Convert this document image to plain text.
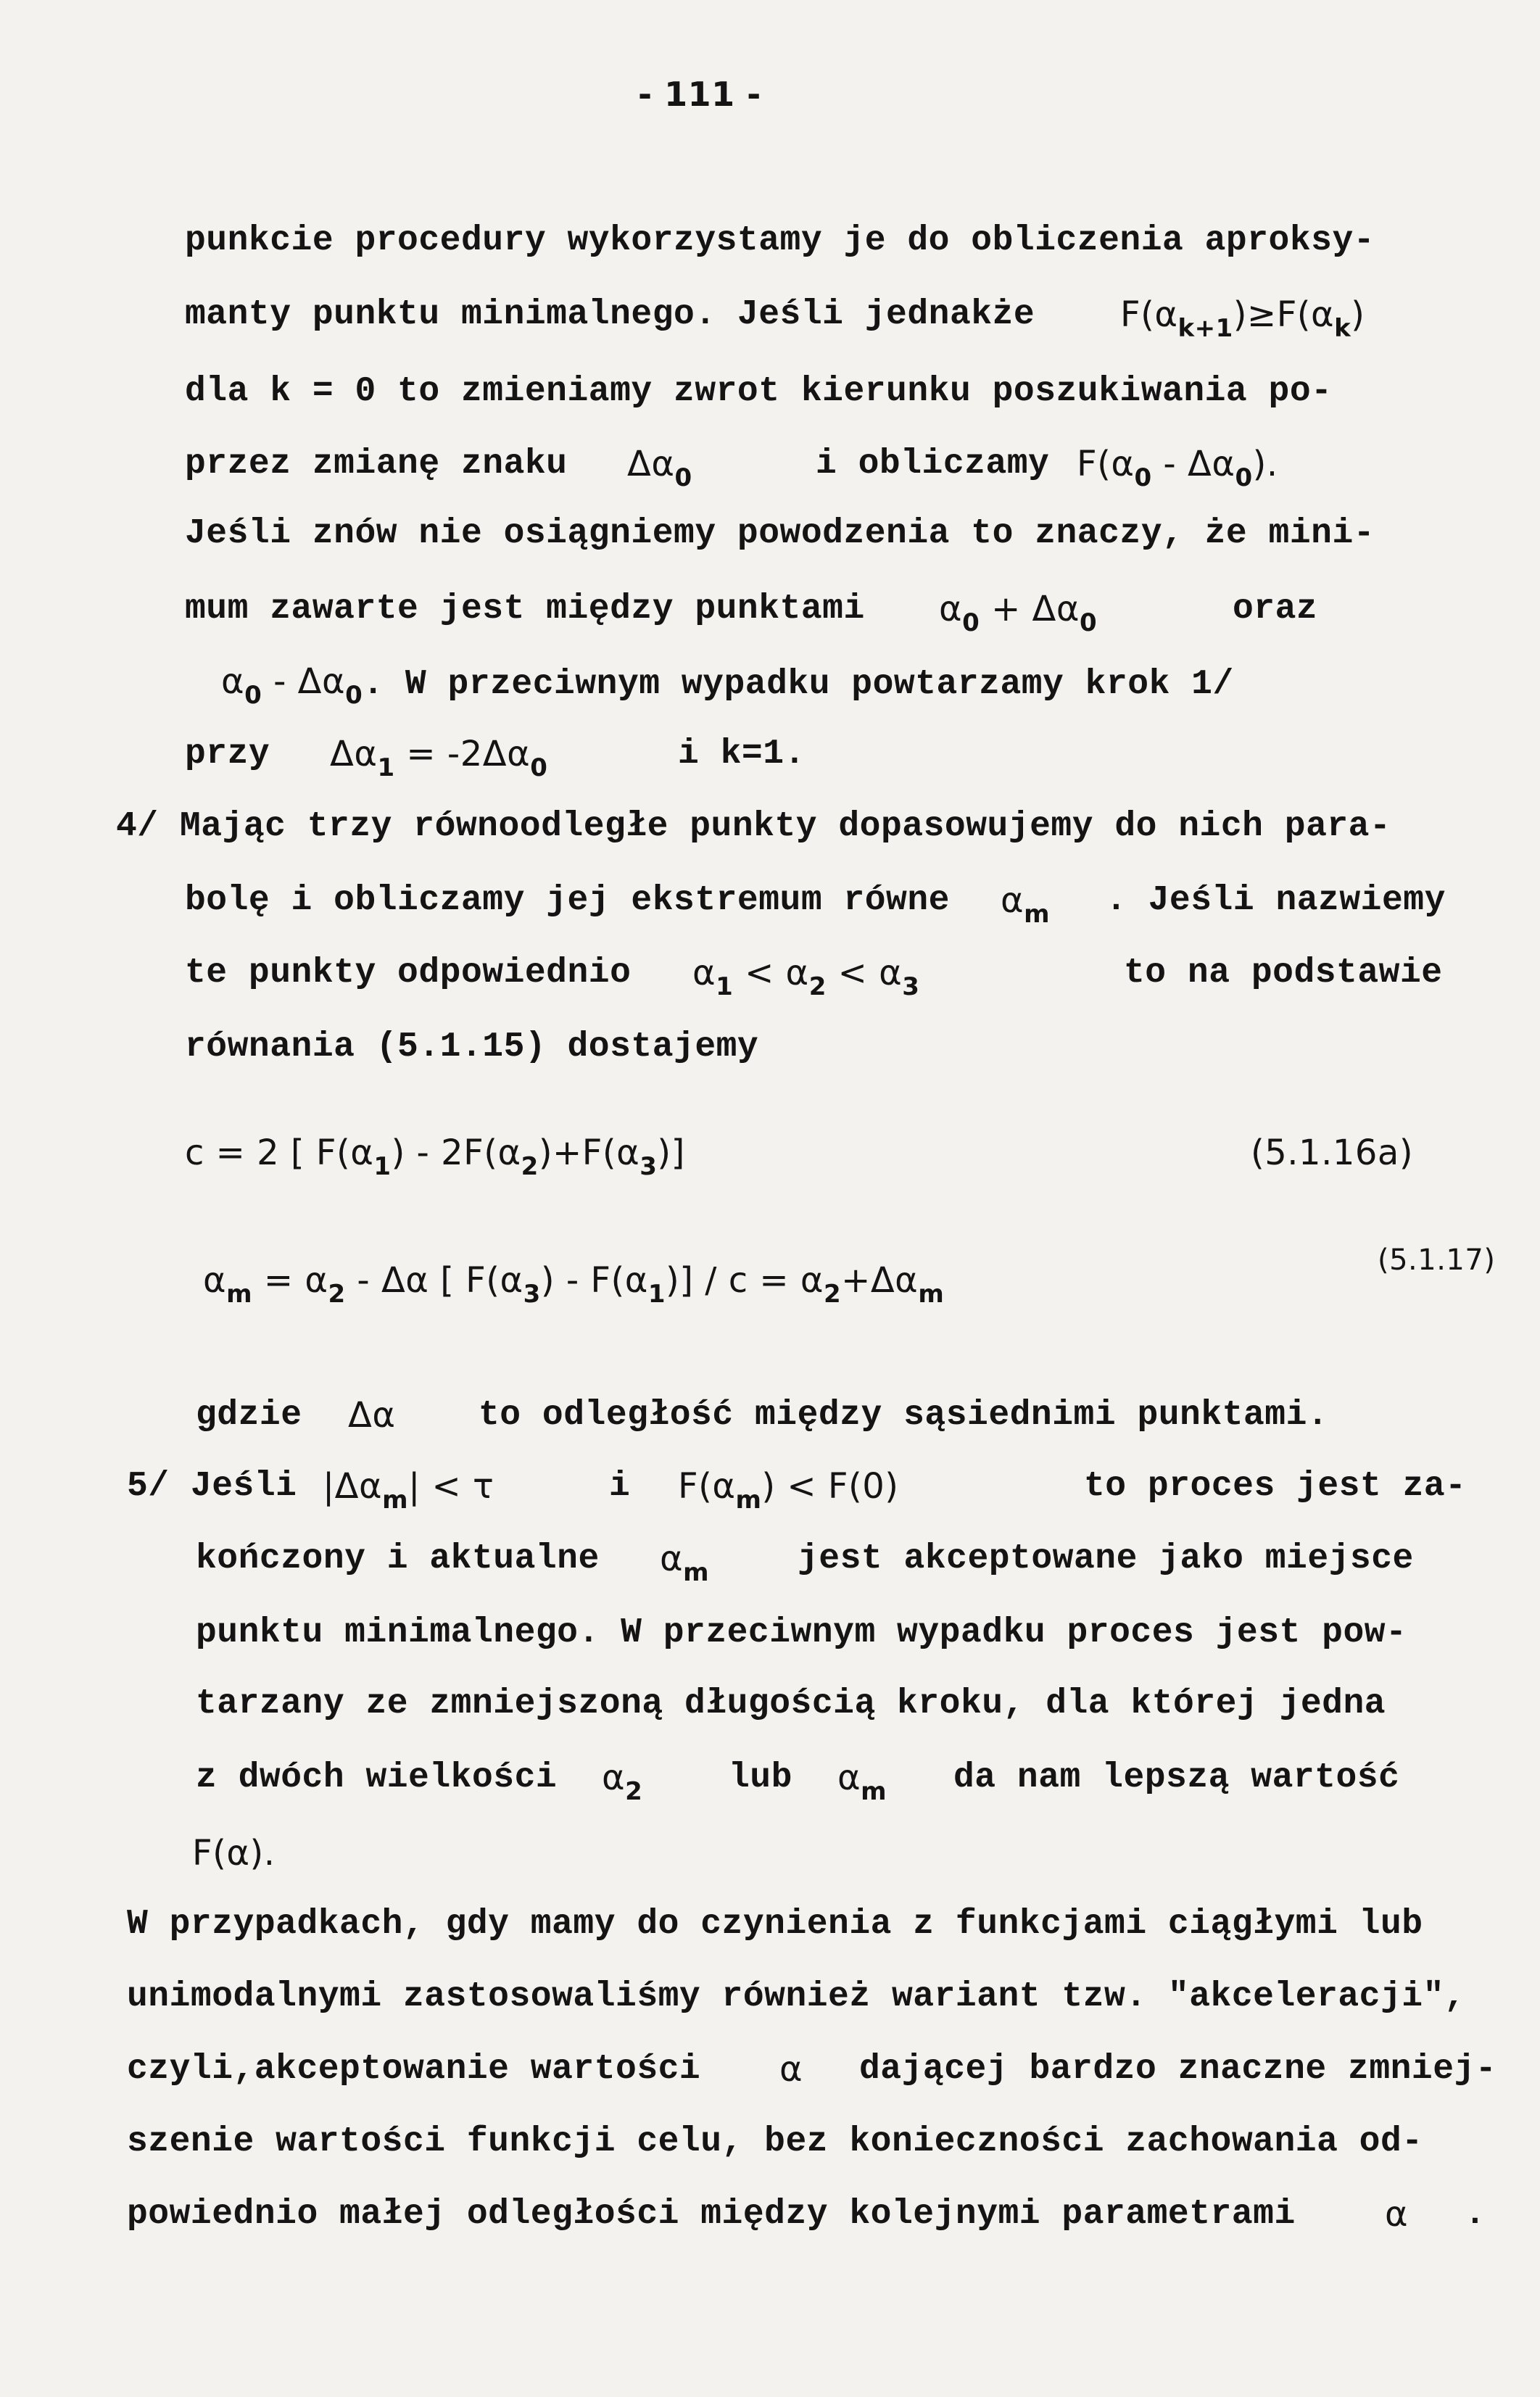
- 111 -
punkcie procedury wykorzystamy je do obliczenia aproksy-
manty punktu minimalnego. Jeśli jednakże $F(\alpha_{k+1})\ge F(\alpha_k)$
dla k = 0 to zmieniamy zwrot kierunku poszukiwania po-
przez zmianę znaku $\Delta\alpha_0$	i obliczamy $F(\alpha_0 - \Delta\alpha_0)$.
Jeśli znów nie osiągniemy powodzenia to znaczy, że mini-
mum zawarte jest między punktami $\alpha_0 + \Delta\alpha_0$	oraz
$\alpha_0 - \Delta\alpha_0$. W przeciwnym wypadku powtarzamy krok 1/
przy $\Delta\alpha_1 = -2\Delta\alpha_0$	i k=1.
4/ Mając trzy równoodległe punkty dopasowujemy do nich para-
bolę i obliczamy jej ekstremum równe $\alpha_m$ . Jeśli nazwiemy
te punkty odpowiednio $\alpha_1 < \alpha_2 < \alpha_3$	to na podstawie
równania (5.1.15) dostajemy
c = 2 [ $F(\alpha_1) - 2F(\alpha_2)+F(\alpha_3)$]	(5.1.16a)
$\alpha_m = \alpha_2 - \Delta\alpha$ [ $F(\alpha_3) - F(\alpha_1)] / c = \alpha_2+\Delta\alpha_m$
(5.1.17)
gdzie Δα to odległość między sąsiednimi punktami.
5/ Jeśli $|\Delta\alpha_m| < \tau$	i $F(\alpha_m) < F(0)$	to proces jest za-
kończony i aktualne $\alpha_m$	jest akceptowane jako miejsce
punktu minimalnego. W przeciwnym wypadku proces jest pow-
tarzany ze zmniejszoną długością kroku, dla której jedna
z dwóch wielkości $\alpha_2$ lub $\alpha_m$ da nam lepszą wartość
F(α).
W przypadkach, gdy mamy do czynienia z funkcjami ciągłymi lub
unimodalnymi zastosowaliśmy również wariant tzw. "akceleracji",
czyli,akceptowanie wartości α dającej bardzo znaczne zmniej-
szenie wartości funkcji celu, bez konieczności zachowania od-
powiednio małej odległości między kolejnymi parametrami	α .
